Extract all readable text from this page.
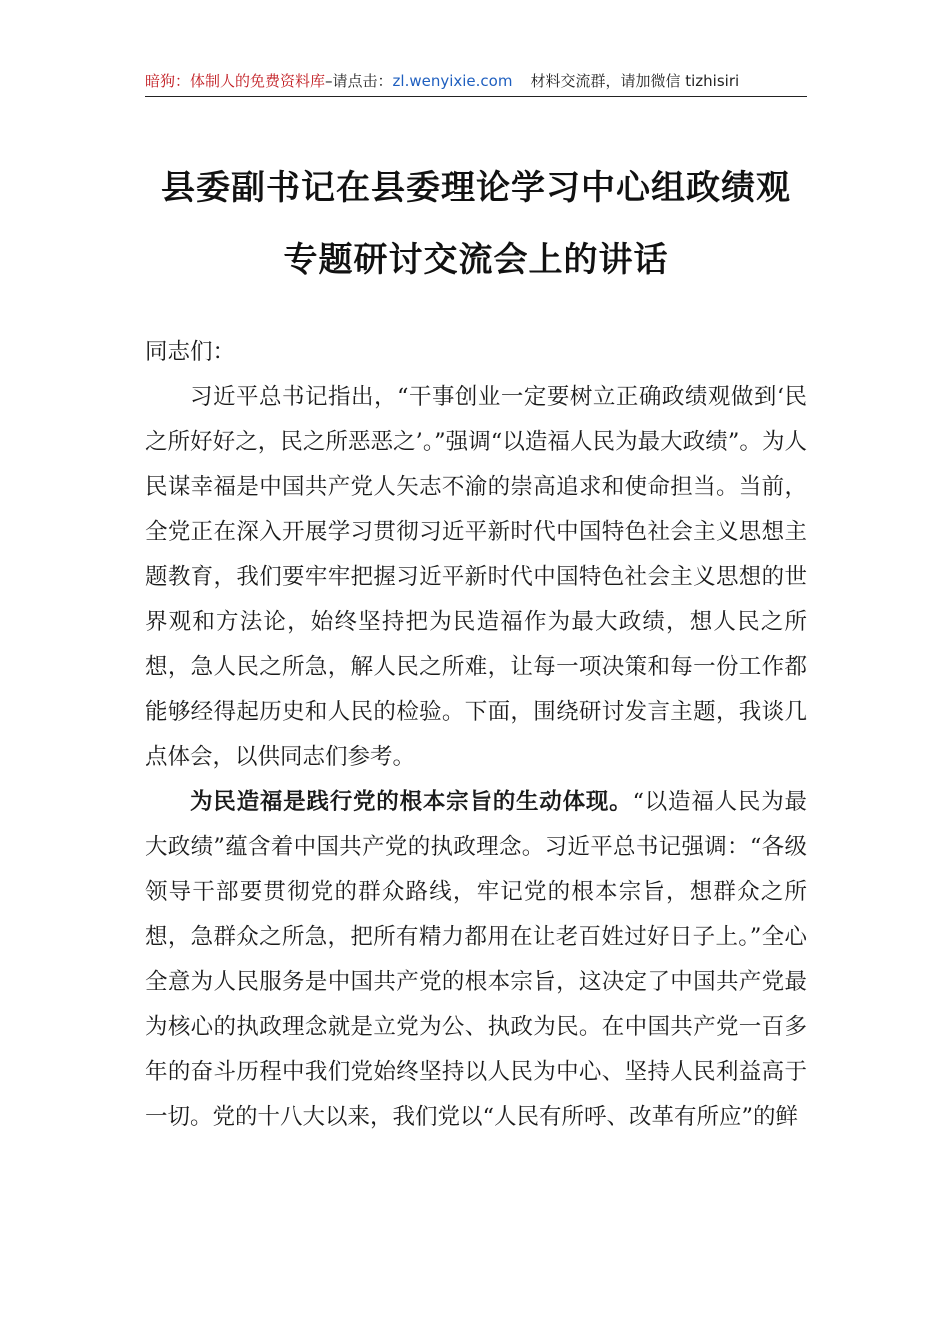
暗狗：体制人的免费资料库–请点击：zl.wenyixie.com 材料交流群，请加微信 tizhisiri
县委副书记在县委理论学习中心组政绩观
专题研讨交流会上的讲话

同志们：

习近平总书记指出，“干事创业一定要树立正确政绩观做到‘民之所好好之，民之所恶恶之’。”强调“以造福人民为最大政绩”。为人民谋幸福是中国共产党人矢志不渝的崇高追求和使命担当。当前，全党正在深入开展学习贯彻习近平新时代中国特色社会主义思想主题教育，我们要牢牢把握习近平新时代中国特色社会主义思想的世界观和方法论，始终坚持把为民造福作为最大政绩，想人民之所想，急人民之所急，解人民之所难，让每一项决策和每一份工作都能够经得起历史和人民的检验。下面，围绕研讨发言主题，我谈几点体会，以供同志们参考。

为民造福是践行党的根本宗旨的生动体现。“以造福人民为最大政绩”蕴含着中国共产党的执政理念。习近平总书记强调：“各级领导干部要贯彻党的群众路线，牢记党的根本宗旨，想群众之所想，急群众之所急，把所有精力都用在让老百姓过好日子上。”全心全意为人民服务是中国共产党的根本宗旨，这决定了中国共产党最为核心的执政理念就是立党为公、执政为民。在中国共产党一百多年的奋斗历程中我们党始终坚持以人民为中心、坚持人民利益高于一切。党的十八大以来，我们党以“人民有所呼、改革有所应”的鲜
